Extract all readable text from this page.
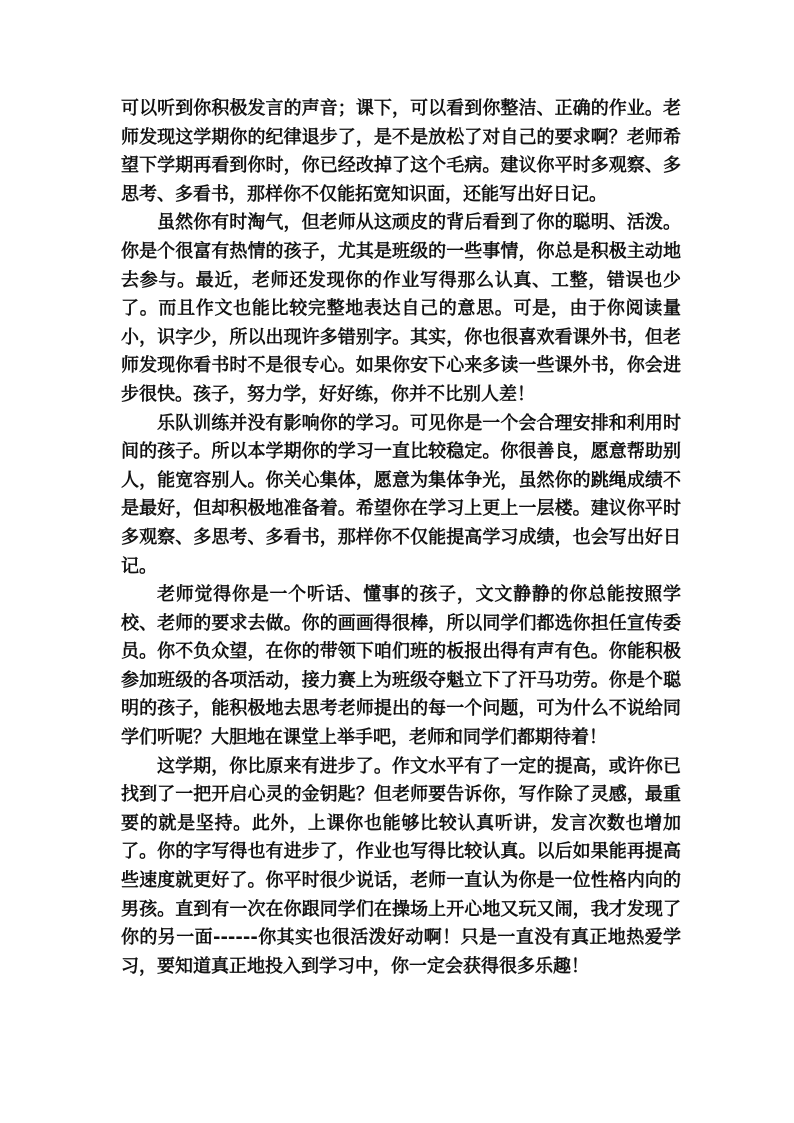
可以听到你积极发言的声音；课下，可以看到你整洁、正确的作业。老师发现这学期你的纪律退步了，是不是放松了对自己的要求啊？老师希望下学期再看到你时，你已经改掉了这个毛病。建议你平时多观察、多思考、多看书，那样你不仅能拓宽知识面，还能写出好日记。

虽然你有时淘气，但老师从这顽皮的背后看到了你的聪明、活泼。你是个很富有热情的孩子，尤其是班级的一些事情，你总是积极主动地去参与。最近，老师还发现你的作业写得那么认真、工整，错误也少了。而且作文也能比较完整地表达自己的意思。可是，由于你阅读量小，识字少，所以出现许多错别字。其实，你也很喜欢看课外书，但老师发现你看书时不是很专心。如果你安下心来多读一些课外书，你会进步很快。孩子，努力学，好好练，你并不比别人差！

乐队训练并没有影响你的学习。可见你是一个会合理安排和利用时间的孩子。所以本学期你的学习一直比较稳定。你很善良，愿意帮助别人，能宽容别人。你关心集体，愿意为集体争光，虽然你的跳绳成绩不是最好，但却积极地准备着。希望你在学习上更上一层楼。建议你平时多观察、多思考、多看书，那样你不仅能提高学习成绩，也会写出好日记。

老师觉得你是一个听话、懂事的孩子，文文静静的你总能按照学校、老师的要求去做。你的画画得很棒，所以同学们都选你担任宣传委员。你不负众望，在你的带领下咱们班的板报出得有声有色。你能积极参加班级的各项活动，接力赛上为班级夺魁立下了汗马功劳。你是个聪明的孩子，能积极地去思考老师提出的每一个问题，可为什么不说给同学们听呢？大胆地在课堂上举手吧，老师和同学们都期待着！

这学期，你比原来有进步了。作文水平有了一定的提高，或许你已找到了一把开启心灵的金钥匙？但老师要告诉你，写作除了灵感，最重要的就是坚持。此外，上课你也能够比较认真听讲，发言次数也增加了。你的字写得也有进步了，作业也写得比较认真。以后如果能再提高些速度就更好了。你平时很少说话，老师一直认为你是一位性格内向的男孩。直到有一次在你跟同学们在操场上开心地又玩又闹，我才发现了你的另一面------你其实也很活泼好动啊！只是一直没有真正地热爱学习，要知道真正地投入到学习中，你一定会获得很多乐趣！
